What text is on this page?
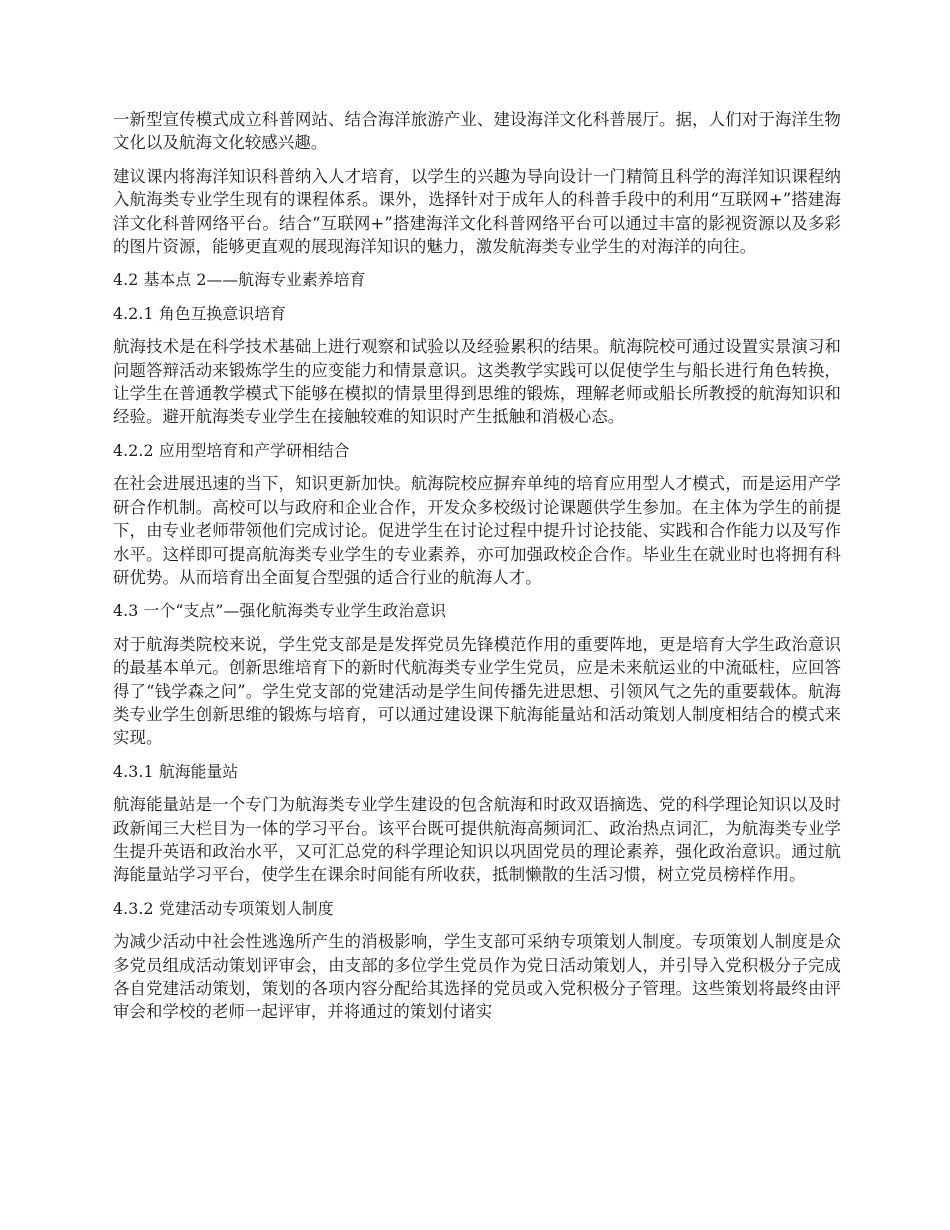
一新型宣传模式成立科普网站、结合海洋旅游产业、建设海洋文化科普展厅。据，人们对于海洋生物文化以及航海文化较感兴趣。

建议课内将海洋知识科普纳入人才培育，以学生的兴趣为导向设计一门精简且科学的海洋知识课程纳入航海类专业学生现有的课程体系。课外，选择针对于成年人的科普手段中的利用“互联网+”搭建海洋文化科普网络平台。结合“互联网+”搭建海洋文化科普网络平台可以通过丰富的影视资源以及多彩的图片资源，能够更直观的展现海洋知识的魅力，激发航海类专业学生的对海洋的向往。

4.2 基本点 2——航海专业素养培育

4.2.1 角色互换意识培育

航海技术是在科学技术基础上进行观察和试验以及经验累积的结果。航海院校可通过设置实景演习和问题答辩活动来锻炼学生的应变能力和情景意识。这类教学实践可以促使学生与船长进行角色转换，让学生在普通教学模式下能够在模拟的情景里得到思维的锻炼，理解老师或船长所教授的航海知识和经验。避开航海类专业学生在接触较难的知识时产生抵触和消极心态。

4.2.2 应用型培育和产学研相结合

在社会进展迅速的当下，知识更新加快。航海院校应摒弃单纯的培育应用型人才模式，而是运用产学研合作机制。高校可以与政府和企业合作，开发众多校级讨论课题供学生参加。在主体为学生的前提下，由专业老师带领他们完成讨论。促进学生在讨论过程中提升讨论技能、实践和合作能力以及写作水平。这样即可提高航海类专业学生的专业素养，亦可加强政校企合作。毕业生在就业时也将拥有科研优势。从而培育出全面复合型强的适合行业的航海人才。

4.3 一个“支点”—强化航海类专业学生政治意识

对于航海类院校来说，学生党支部是是发挥党员先锋模范作用的重要阵地，更是培育大学生政治意识的最基本单元。创新思维培育下的新时代航海类专业学生党员，应是未来航运业的中流砥柱，应回答得了“钱学森之问”。学生党支部的党建活动是学生间传播先进思想、引领风气之先的重要载体。航海类专业学生创新思维的锻炼与培育，可以通过建设课下航海能量站和活动策划人制度相结合的模式来实现。

4.3.1 航海能量站

航海能量站是一个专门为航海类专业学生建设的包含航海和时政双语摘选、党的科学理论知识以及时政新闻三大栏目为一体的学习平台。该平台既可提供航海高频词汇、政治热点词汇，为航海类专业学生提升英语和政治水平，又可汇总党的科学理论知识以巩固党员的理论素养，强化政治意识。通过航海能量站学习平台，使学生在课余时间能有所收获，抵制懒散的生活习惯，树立党员榜样作用。

4.3.2 党建活动专项策划人制度

为减少活动中社会性逃逸所产生的消极影响，学生支部可采纳专项策划人制度。专项策划人制度是众多党员组成活动策划评审会，由支部的多位学生党员作为党日活动策划人，并引导入党积极分子完成各自党建活动策划，策划的各项内容分配给其选择的党员或入党积极分子管理。这些策划将最终由评审会和学校的老师一起评审，并将通过的策划付诸实
